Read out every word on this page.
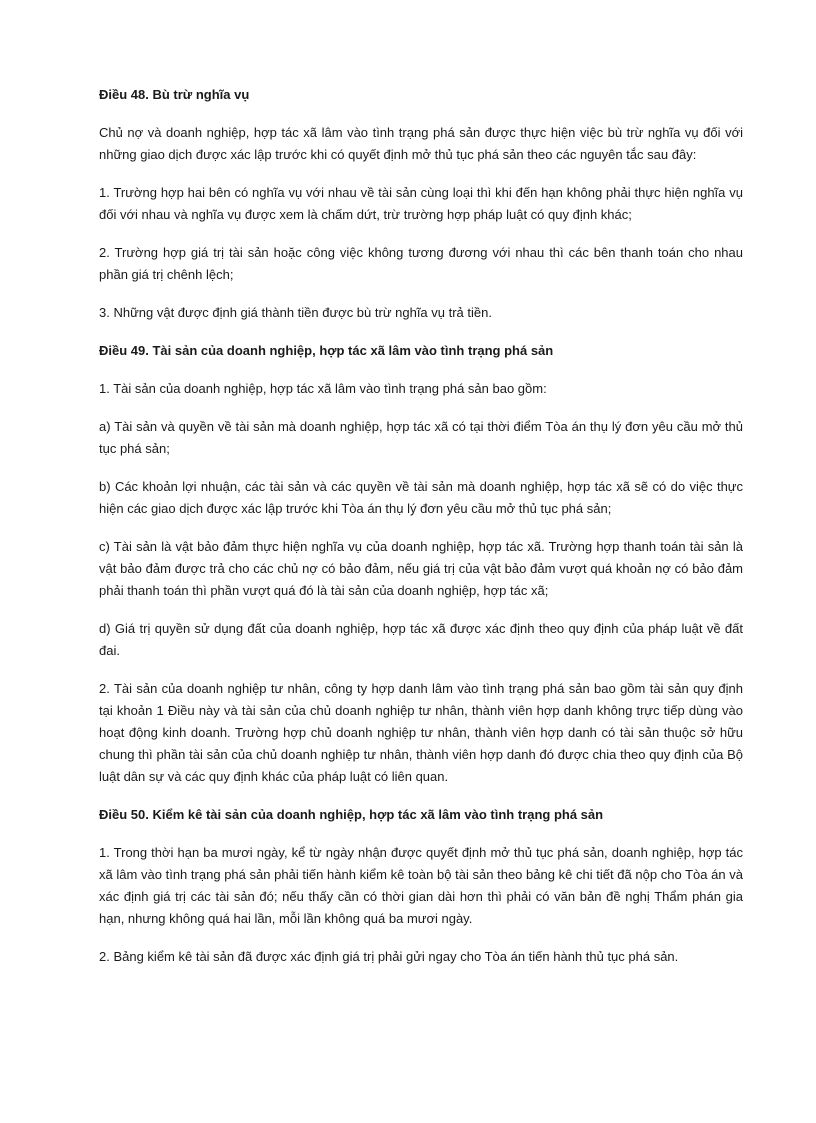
Điều 48. Bù trừ nghĩa vụ
Chủ nợ và doanh nghiệp, hợp tác xã lâm vào tình trạng phá sản được thực hiện việc bù trừ nghĩa vụ đối với những giao dịch được xác lập trước khi có quyết định mở thủ tục phá sản theo các nguyên tắc sau đây:
1. Trường hợp hai bên có nghĩa vụ với nhau về tài sản cùng loại thì khi đến hạn không phải thực hiện nghĩa vụ đối với nhau và nghĩa vụ được xem là chấm dứt, trừ trường hợp pháp luật có quy định khác;
2. Trường hợp giá trị tài sản hoặc công việc không tương đương với nhau thì các bên thanh toán cho nhau phần giá trị chênh lệch;
3. Những vật được định giá thành tiền được bù trừ nghĩa vụ trả tiền.
Điều 49. Tài sản của doanh nghiệp, hợp tác xã lâm vào tình trạng phá sản
1. Tài sản của doanh nghiệp, hợp tác xã lâm vào tình trạng phá sản bao gồm:
a) Tài sản và quyền về tài sản mà doanh nghiệp, hợp tác xã có tại thời điểm Tòa án thụ lý đơn yêu cầu mở thủ tục phá sản;
b) Các khoản lợi nhuận, các tài sản và các quyền về tài sản mà doanh nghiệp, hợp tác xã sẽ có do việc thực hiện các giao dịch được xác lập trước khi Tòa án thụ lý đơn yêu cầu mở thủ tục phá sản;
c) Tài sản là vật bảo đảm thực hiện nghĩa vụ của doanh nghiệp, hợp tác xã. Trường hợp thanh toán tài sản là vật bảo đảm được trả cho các chủ nợ có bảo đảm, nếu giá trị của vật bảo đảm vượt quá khoản nợ có bảo đảm phải thanh toán thì phần vượt quá đó là tài sản của doanh nghiệp, hợp tác xã;
d) Giá trị quyền sử dụng đất của doanh nghiệp, hợp tác xã được xác định theo quy định của pháp luật về đất đai.
2. Tài sản của doanh nghiệp tư nhân, công ty hợp danh lâm vào tình trạng phá sản bao gồm tài sản quy định tại khoản 1 Điều này và tài sản của chủ doanh nghiệp tư nhân, thành viên hợp danh không trực tiếp dùng vào hoạt động kinh doanh. Trường hợp chủ doanh nghiệp tư nhân, thành viên hợp danh có tài sản thuộc sở hữu chung thì phần tài sản của chủ doanh nghiệp tư nhân, thành viên hợp danh đó được chia theo quy định của Bộ luật dân sự và các quy định khác của pháp luật có liên quan.
Điều 50. Kiểm kê tài sản của doanh nghiệp, hợp tác xã lâm vào tình trạng phá sản
1. Trong thời hạn ba mươi ngày, kể từ ngày nhận được quyết định mở thủ tục phá sản, doanh nghiệp, hợp tác xã lâm vào tình trạng phá sản phải tiến hành kiểm kê toàn bộ tài sản theo bảng kê chi tiết đã nộp cho Tòa án và xác định giá trị các tài sản đó; nếu thấy cần có thời gian dài hơn thì phải có văn bản đề nghị Thẩm phán gia hạn, nhưng không quá hai lần, mỗi lần không quá ba mươi ngày.
2. Bảng kiểm kê tài sản đã được xác định giá trị phải gửi ngay cho Tòa án tiến hành thủ tục phá sản.
